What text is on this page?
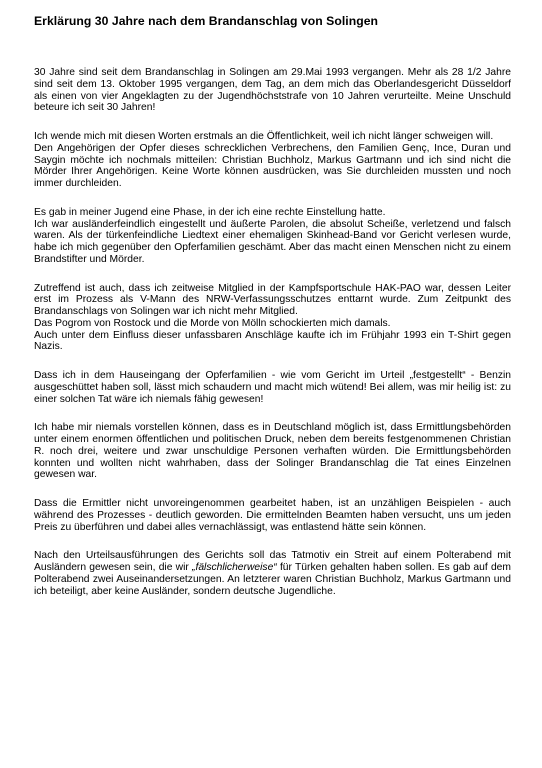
Erklärung 30 Jahre nach dem Brandanschlag von Solingen

30 Jahre sind seit dem Brandanschlag in Solingen am 29.Mai 1993 vergangen. Mehr als 28 1/2 Jahre sind seit dem 13. Oktober 1995 vergangen, dem Tag, an dem mich das Oberlandesgericht Düsseldorf als einen von vier Angeklagten zu der Jugendhöchststrafe von 10 Jahren verurteilte. Meine Unschuld beteure ich seit 30 Jahren!

Ich wende mich mit diesen Worten erstmals an die Öffentlichkeit, weil ich nicht länger schweigen will.

Den Angehörigen der Opfer dieses schrecklichen Verbrechens, den Familien Genç, Ince, Duran und Saygin möchte ich nochmals mitteilen: Christian Buchholz, Markus Gartmann und ich sind nicht die Mörder Ihrer Angehörigen. Keine Worte können ausdrücken, was Sie durchleiden mussten und noch immer durchleiden.

Es gab in meiner Jugend eine Phase, in der ich eine rechte Einstellung hatte.

Ich war ausländerfeindlich eingestellt und äußerte Parolen, die absolut Scheiße, verletzend und falsch waren. Als der türkenfeindliche Liedtext einer ehemaligen Skinhead-Band vor Gericht verlesen wurde, habe ich mich gegenüber den Opferfamilien geschämt. Aber das macht einen Menschen nicht zu einem Brandstifter und Mörder.

Zutreffend ist auch, dass ich zeitweise Mitglied in der Kampfsportschule HAK-PAO war, dessen Leiter erst im Prozess als V-Mann des NRW-Verfassungsschutzes enttarnt wurde. Zum Zeitpunkt des Brandanschlags von Solingen war ich nicht mehr Mitglied.

Das Pogrom von Rostock und die Morde von Mölln schockierten mich damals.

Auch unter dem Einfluss dieser unfassbaren Anschläge kaufte ich im Frühjahr 1993 ein T-Shirt gegen Nazis.

Dass ich in dem Hauseingang der Opferfamilien - wie vom Gericht im Urteil „festgestellt“ - Benzin ausgeschüttet haben soll, lässt mich schaudern und macht mich wütend! Bei allem, was mir heilig ist: zu einer solchen Tat wäre ich niemals fähig gewesen!

Ich habe mir niemals vorstellen können, dass es in Deutschland möglich ist, dass Ermittlungsbehörden unter einem enormen öffentlichen und politischen Druck, neben dem bereits festgenommenen Christian R. noch drei, weitere und zwar unschuldige Personen verhaften würden. Die Ermittlungsbehörden konnten und wollten nicht wahrhaben, dass der Solinger Brandanschlag die Tat eines Einzelnen gewesen war.

Dass die Ermittler nicht unvoreingenommen gearbeitet haben, ist an unzähligen Beispielen - auch während des Prozesses - deutlich geworden. Die ermittelnden Beamten haben versucht, uns um jeden Preis zu überführen und dabei alles vernachlässigt, was entlastend hätte sein können.

Nach den Urteilsausführungen des Gerichts soll das Tatmotiv ein Streit auf einem Polterabend mit Ausländern gewesen sein, die wir „fälschlicherweise“ für Türken gehalten haben sollen. Es gab auf dem Polterabend zwei Auseinandersetzungen. An letzterer waren Christian Buchholz, Markus Gartmann und ich beteiligt, aber keine Ausländer, sondern deutsche Jugendliche.
